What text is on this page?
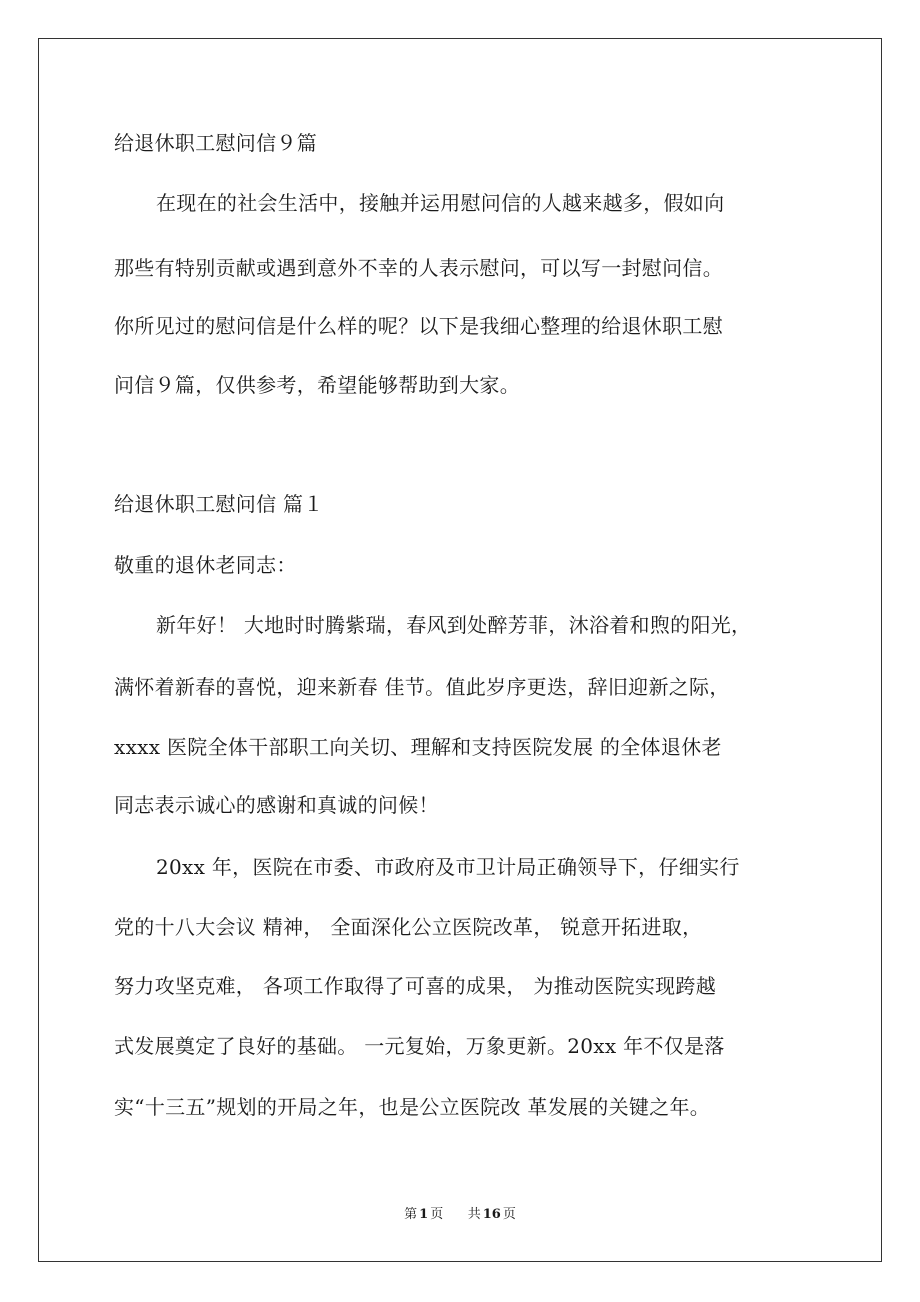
给退休职工慰问信９篇
在现在的社会生活中，接触并运用慰问信的人越来越多，假如向
那些有特别贡献或遇到意外不幸的人表示慰问，可以写一封慰问信。
你所见过的慰问信是什么样的呢？以下是我细心整理的给退休职工慰
问信９篇，仅供参考，希望能够帮助到大家。
给退休职工慰问信 篇１
敬重的退休老同志：
新年好！ 大地时时腾紫瑞，春风到处醉芳菲，沐浴着和煦的阳光，
满怀着新春的喜悦，迎来新春 佳节。值此岁序更迭，辞旧迎新之际，
xxxx 医院全体干部职工向关切、理解和支持医院发展 的全体退休老
同志表示诚心的感谢和真诚的问候！
20xx 年，医院在市委、市政府及市卫计局正确领导下，仔细实行
党的十八大会议 精神， 全面深化公立医院改革， 锐意开拓进取，
努力攻坚克难， 各项工作取得了可喜的成果， 为推动医院实现跨越
式发展奠定了良好的基础。 一元复始，万象更新。20xx 年不仅是落
实“十三五”规划的开局之年，也是公立医院改 革发展的关键之年。
第 1 页 共 16 页
